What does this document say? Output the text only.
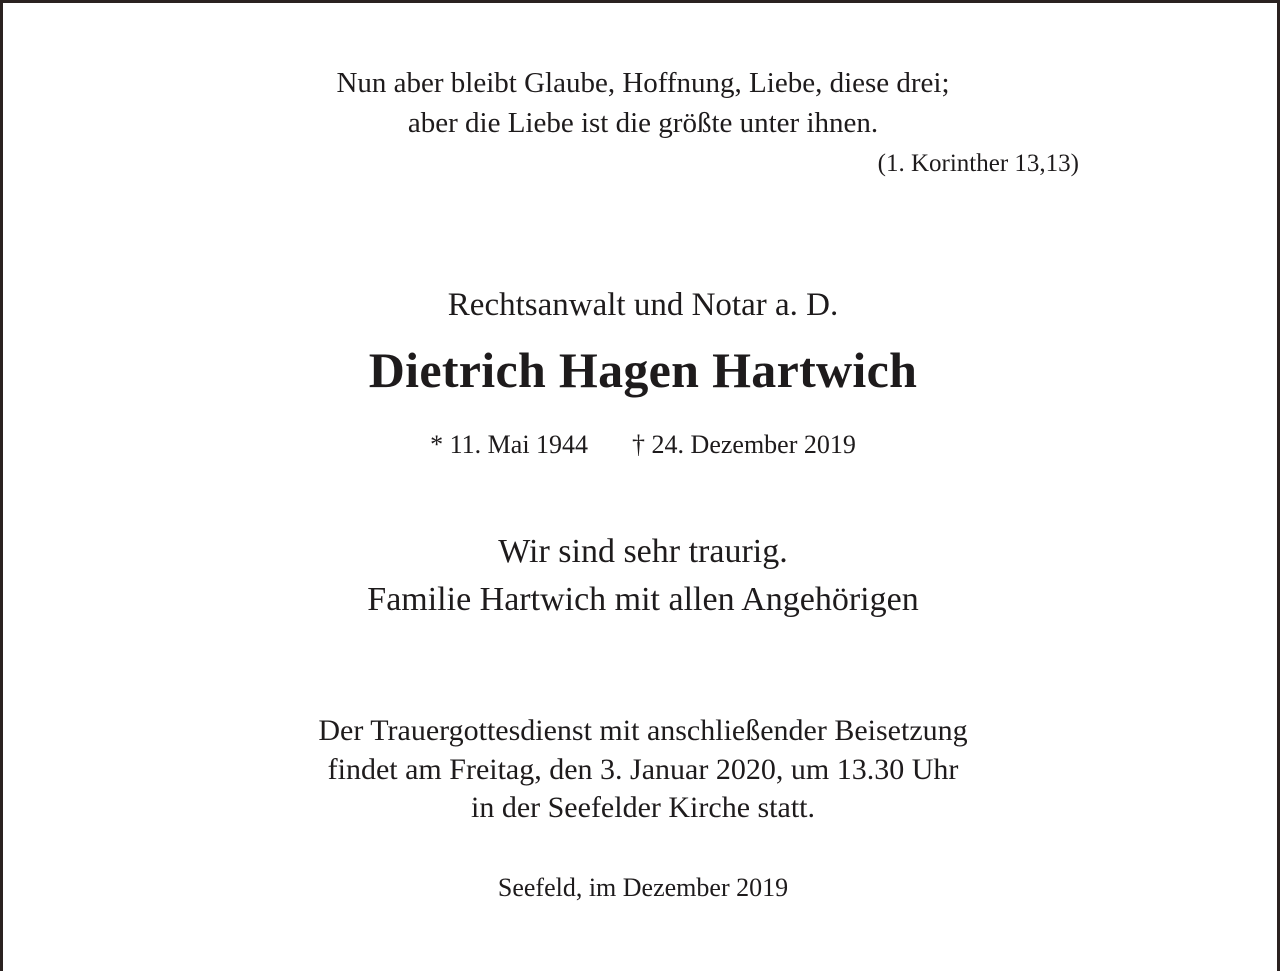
Nun aber bleibt Glaube, Hoffnung, Liebe, diese drei;

aber die Liebe ist die größte unter ihnen.

(1. Korinther 13,13)

Rechtsanwalt und Notar a. D.

Dietrich Hagen Hartwich

* 11. Mai 1944 † 24. Dezember 2019

Wir sind sehr traurig.

Familie Hartwich mit allen Angehörigen

Der Trauergottesdienst mit anschließender Beisetzung

findet am Freitag, den 3. Januar 2020, um 13.30 Uhr

in der Seefelder Kirche statt.

Seefeld, im Dezember 2019
